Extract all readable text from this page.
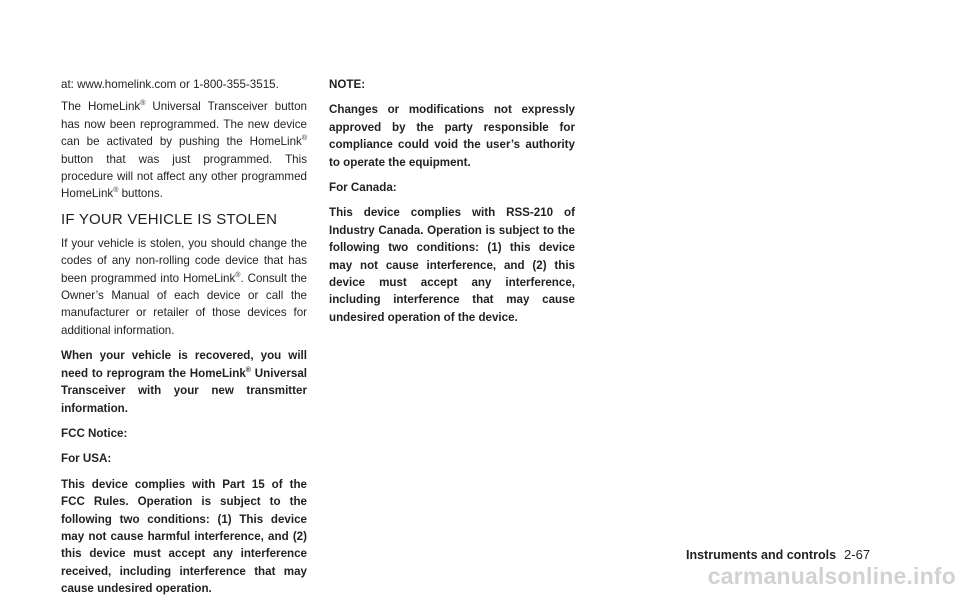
at: www.homelink.com or 1-800-355-3515.

The HomeLink® Universal Transceiver button has now been reprogrammed. The new device can be activated by pushing the HomeLink® button that was just programmed. This procedure will not affect any other programmed HomeLink® buttons.

IF YOUR VEHICLE IS STOLEN

If your vehicle is stolen, you should change the codes of any non-rolling code device that has been programmed into HomeLink®. Consult the Owner’s Manual of each device or call the manufacturer or retailer of those devices for additional information.

When your vehicle is recovered, you will need to reprogram the HomeLink® Universal Transceiver with your new transmitter information.

FCC Notice:

For USA:

This device complies with Part 15 of the FCC Rules. Operation is subject to the following two conditions: (1) This device may not cause harmful interference, and (2) this device must accept any interference received, including interference that may cause undesired operation.

NOTE:

Changes or modifications not expressly approved by the party responsible for compliance could void the user’s authority to operate the equipment.

For Canada:

This device complies with RSS-210 of Industry Canada. Operation is subject to the following two conditions: (1) this device may not cause interference, and (2) this device must accept any interference, including interference that may cause undesired operation of the device.

Instruments and controls 2-67
carmanualsonline.info
